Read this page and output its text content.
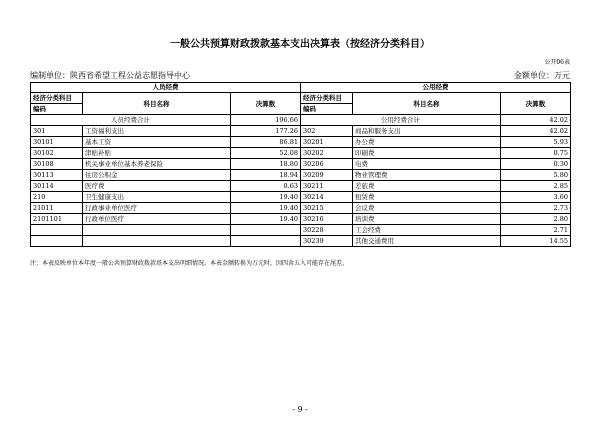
一般公共预算财政拨款基本支出决算表（按经济分类科目）
公开06表
编制单位：陕西省希望工程公益志愿指导中心	金额单位：万元
人员经费			公用经费		
经济分类科目	科目名称	决算数	经济分类科目	科目名称	决算数
编码			编码		
人员经费合计		196.66	公用经费合计		42.02
301	工资福利支出	177.26	302	商品和服务支出	42.02
30101	基本工资	86.81	30201	办公费	5.93
30102	津贴补贴	52.08	30202	印刷费	0.75
30108	机关事业单位基本养老保险	18.80	30206	电费	0.30
30113	住房公积金	18.94	30209	物业管理费	5.80
30114	医疗费	0.63	30211	差旅费	2.85
210	卫生健康支出	19.40	30214	租赁费	3.60
21011	行政事业单位医疗	19.40	30215	会议费	2.73
2101101	行政单位医疗	19.40	30216	培训费	2.80
			30228	工会经费	2.71
			30239	其他交通费用	14.55
注：本表反映单位本年度一般公共预算财政拨款基本支出明细情况。本表金额转换为万元时，因四舍五入可能存在尾差。
- 9 -
